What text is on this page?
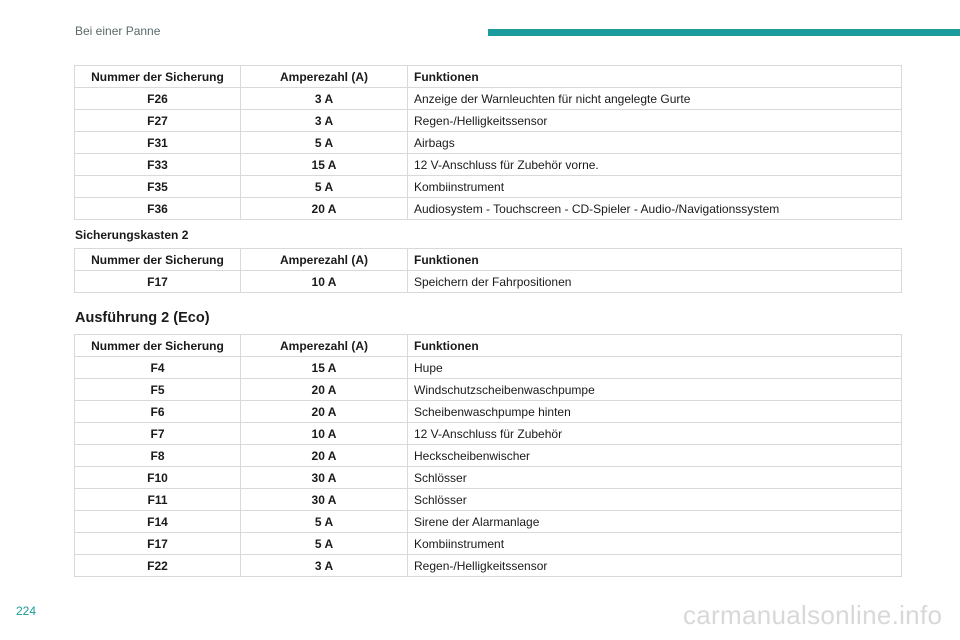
Bei einer Panne
Nummer der Sicherung	Amperezahl (A)	Funktionen
F26	3 A	Anzeige der Warnleuchten für nicht angelegte Gurte
F27	3 A	Regen-/Helligkeitssensor
F31	5 A	Airbags
F33	15 A	12 V-Anschluss für Zubehör vorne.
F35	5 A	Kombiinstrument
F36	20 A	Audiosystem - Touchscreen - CD-Spieler - Audio-/Navigationssystem
Sicherungskasten 2
Nummer der Sicherung	Amperezahl (A)	Funktionen
F17	10 A	Speichern der Fahrpositionen
Ausführung 2 (Eco)
Nummer der Sicherung	Amperezahl (A)	Funktionen
F4	15 A	Hupe
F5	20 A	Windschutzscheibenwaschpumpe
F6	20 A	Scheibenwaschpumpe hinten
F7	10 A	12 V-Anschluss für Zubehör
F8	20 A	Heckscheibenwischer
F10	30 A	Schlösser
F11	30 A	Schlösser
F14	5 A	Sirene der Alarmanlage
F17	5 A	Kombiinstrument
F22	3 A	Regen-/Helligkeitssensor
224	carmanualsonline.info
